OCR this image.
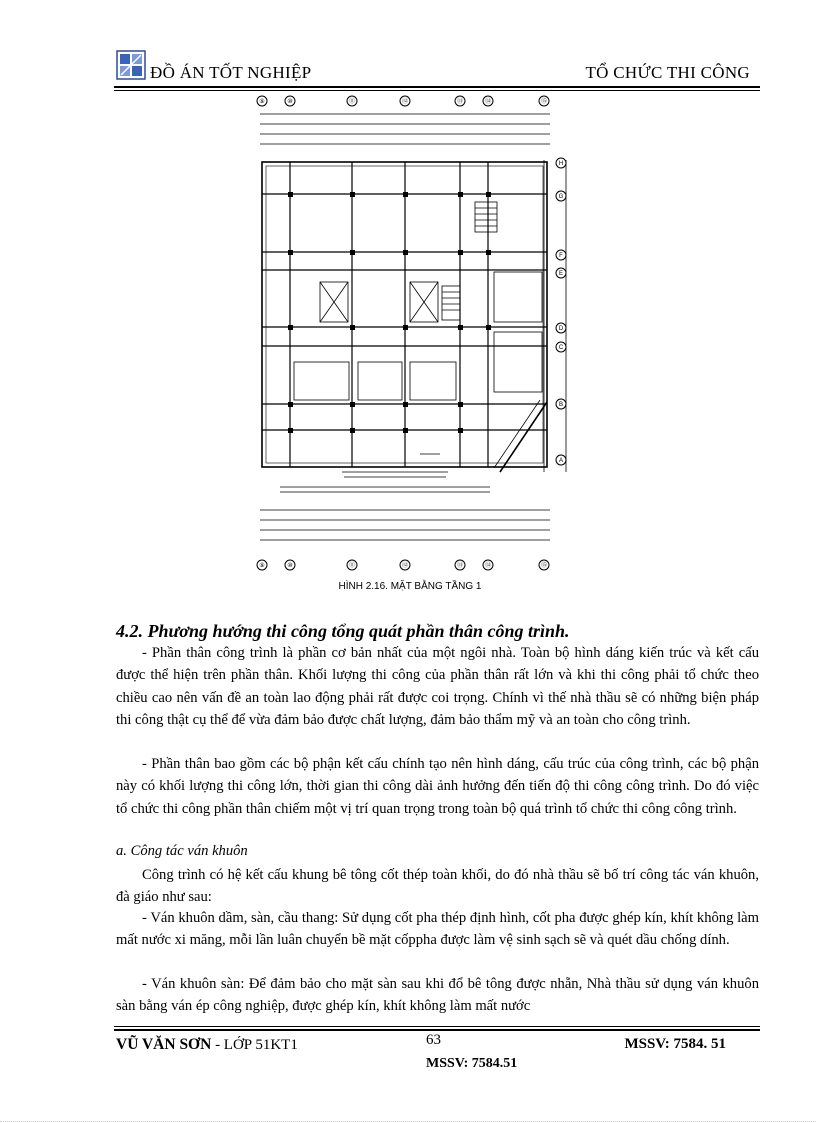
ĐỒ ÁN TỐT NGHIỆP	TỔ CHỨC THI CÔNG
H
G
F
E
D
C
B
A
⑨
⑨
⑩
⑩
⑪
⑪
⑫
⑫
⑬
⑬
⑭
⑭
⑮
⑮
HÌNH 2.16. MẶT BẰNG TẦNG 1
4.2. Phương hướng thi công tổng quát phần thân công trình.
- Phần thân công trình là phần cơ bản nhất của một ngôi nhà. Toàn bộ hình dáng kiến trúc và kết cấu được thể hiện trên phần thân. Khối lượng thi công của phần thân rất lớn và khi thi công phải tổ chức theo chiều cao nên vấn đề an toàn lao động phải rất được coi trọng. Chính vì thế nhà thầu sẽ có những biện pháp thi công thật cụ thể để vừa đảm bảo được chất lượng, đảm bảo thẩm mỹ và an toàn cho công trình.
- Phần thân bao gồm các bộ phận kết cấu chính tạo nên hình dáng, cấu trúc của công trình, các bộ phận này có khối lượng thi công lớn, thời gian thi công dài ảnh hưởng đến tiến độ thi công công trình. Do đó việc tổ chức thi công phần thân chiếm một vị trí quan trọng trong toàn bộ quá trình tổ chức thi công công trình.
a. Công tác ván khuôn
Công trình có hệ kết cấu khung bê tông cốt thép toàn khối, do đó nhà thầu sẽ bố trí công tác ván khuôn, đà giáo như sau:
- Ván khuôn dầm, sàn, cầu thang: Sử dụng cốt pha thép định hình, cốt pha được ghép kín, khít không làm mất nước xi măng, mỗi lần luân chuyển bề mặt cốppha được làm vệ sinh sạch sẽ và quét dầu chống dính.
- Ván khuôn sàn: Để đảm bảo cho mặt sàn sau khi đổ bê tông được nhẵn, Nhà thầu sử dụng ván khuôn sàn bằng ván ép công nghiệp, được ghép kín, khít không làm mất nước
VŨ VĂN SƠN - LỚP 51KT1	63	MSSV: 7584. 51
MSSV: 7584.51
